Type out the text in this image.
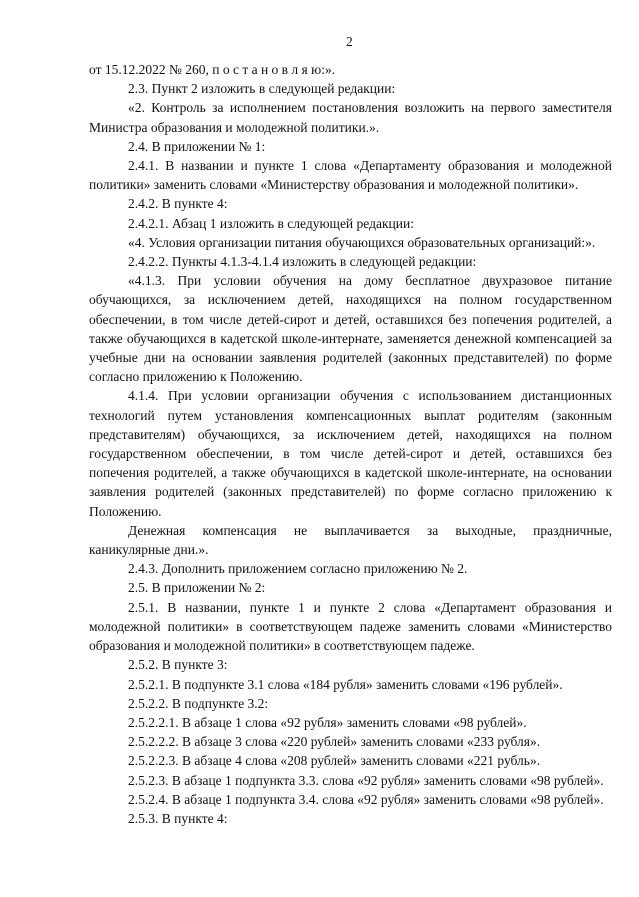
2

от 15.12.2022 № 260, п о с т а н о в л я ю:».

2.3. Пункт 2 изложить в следующей редакции:

«2. Контроль за исполнением постановления возложить на первого заместителя Министра образования и молодежной политики.».

2.4. В приложении № 1:

2.4.1. В названии и пункте 1 слова «Департаменту образования и молодежной политики» заменить словами «Министерству образования и молодежной политики».

2.4.2. В пункте 4:

2.4.2.1. Абзац 1 изложить в следующей редакции:

«4. Условия организации питания обучающихся образовательных организаций:».

2.4.2.2. Пункты 4.1.3-4.1.4 изложить в следующей редакции:

«4.1.3. При условии обучения на дому бесплатное двухразовое питание обучающихся, за исключением детей, находящихся на полном государственном обеспечении, в том числе детей-сирот и детей, оставшихся без попечения родителей, а также обучающихся в кадетской школе-интернате, заменяется денежной компенсацией за учебные дни на основании заявления родителей (законных представителей) по форме согласно приложению к Положению.

4.1.4. При условии организации обучения с использованием дистанционных технологий путем установления компенсационных выплат родителям (законным представителям) обучающихся, за исключением детей, находящихся на полном государственном обеспечении, в том числе детей-сирот и детей, оставшихся без попечения родителей, а также обучающихся в кадетской школе-интернате, на основании заявления родителей (законных представителей) по форме согласно приложению к Положению.

Денежная компенсация не выплачивается за выходные, праздничные, каникулярные дни.».

2.4.3. Дополнить приложением согласно приложению № 2.

2.5. В приложении № 2:

2.5.1. В названии, пункте 1 и пункте 2 слова «Департамент образования и молодежной политики» в соответствующем падеже заменить словами «Министерство образования и молодежной политики» в соответствующем падеже.

2.5.2. В пункте 3:

2.5.2.1. В подпункте 3.1 слова «184 рубля» заменить словами «196 рублей».

2.5.2.2. В подпункте 3.2:

2.5.2.2.1. В абзаце 1 слова «92 рубля» заменить словами «98 рублей».

2.5.2.2.2. В абзаце 3 слова «220 рублей» заменить словами «233 рубля».

2.5.2.2.3. В абзаце 4 слова «208 рублей» заменить словами «221 рубль».

2.5.2.3. В абзаце 1 подпункта 3.3. слова «92 рубля» заменить словами «98 рублей».

2.5.2.4. В абзаце 1 подпункта 3.4. слова «92 рубля» заменить словами «98 рублей».

2.5.3. В пункте 4:
